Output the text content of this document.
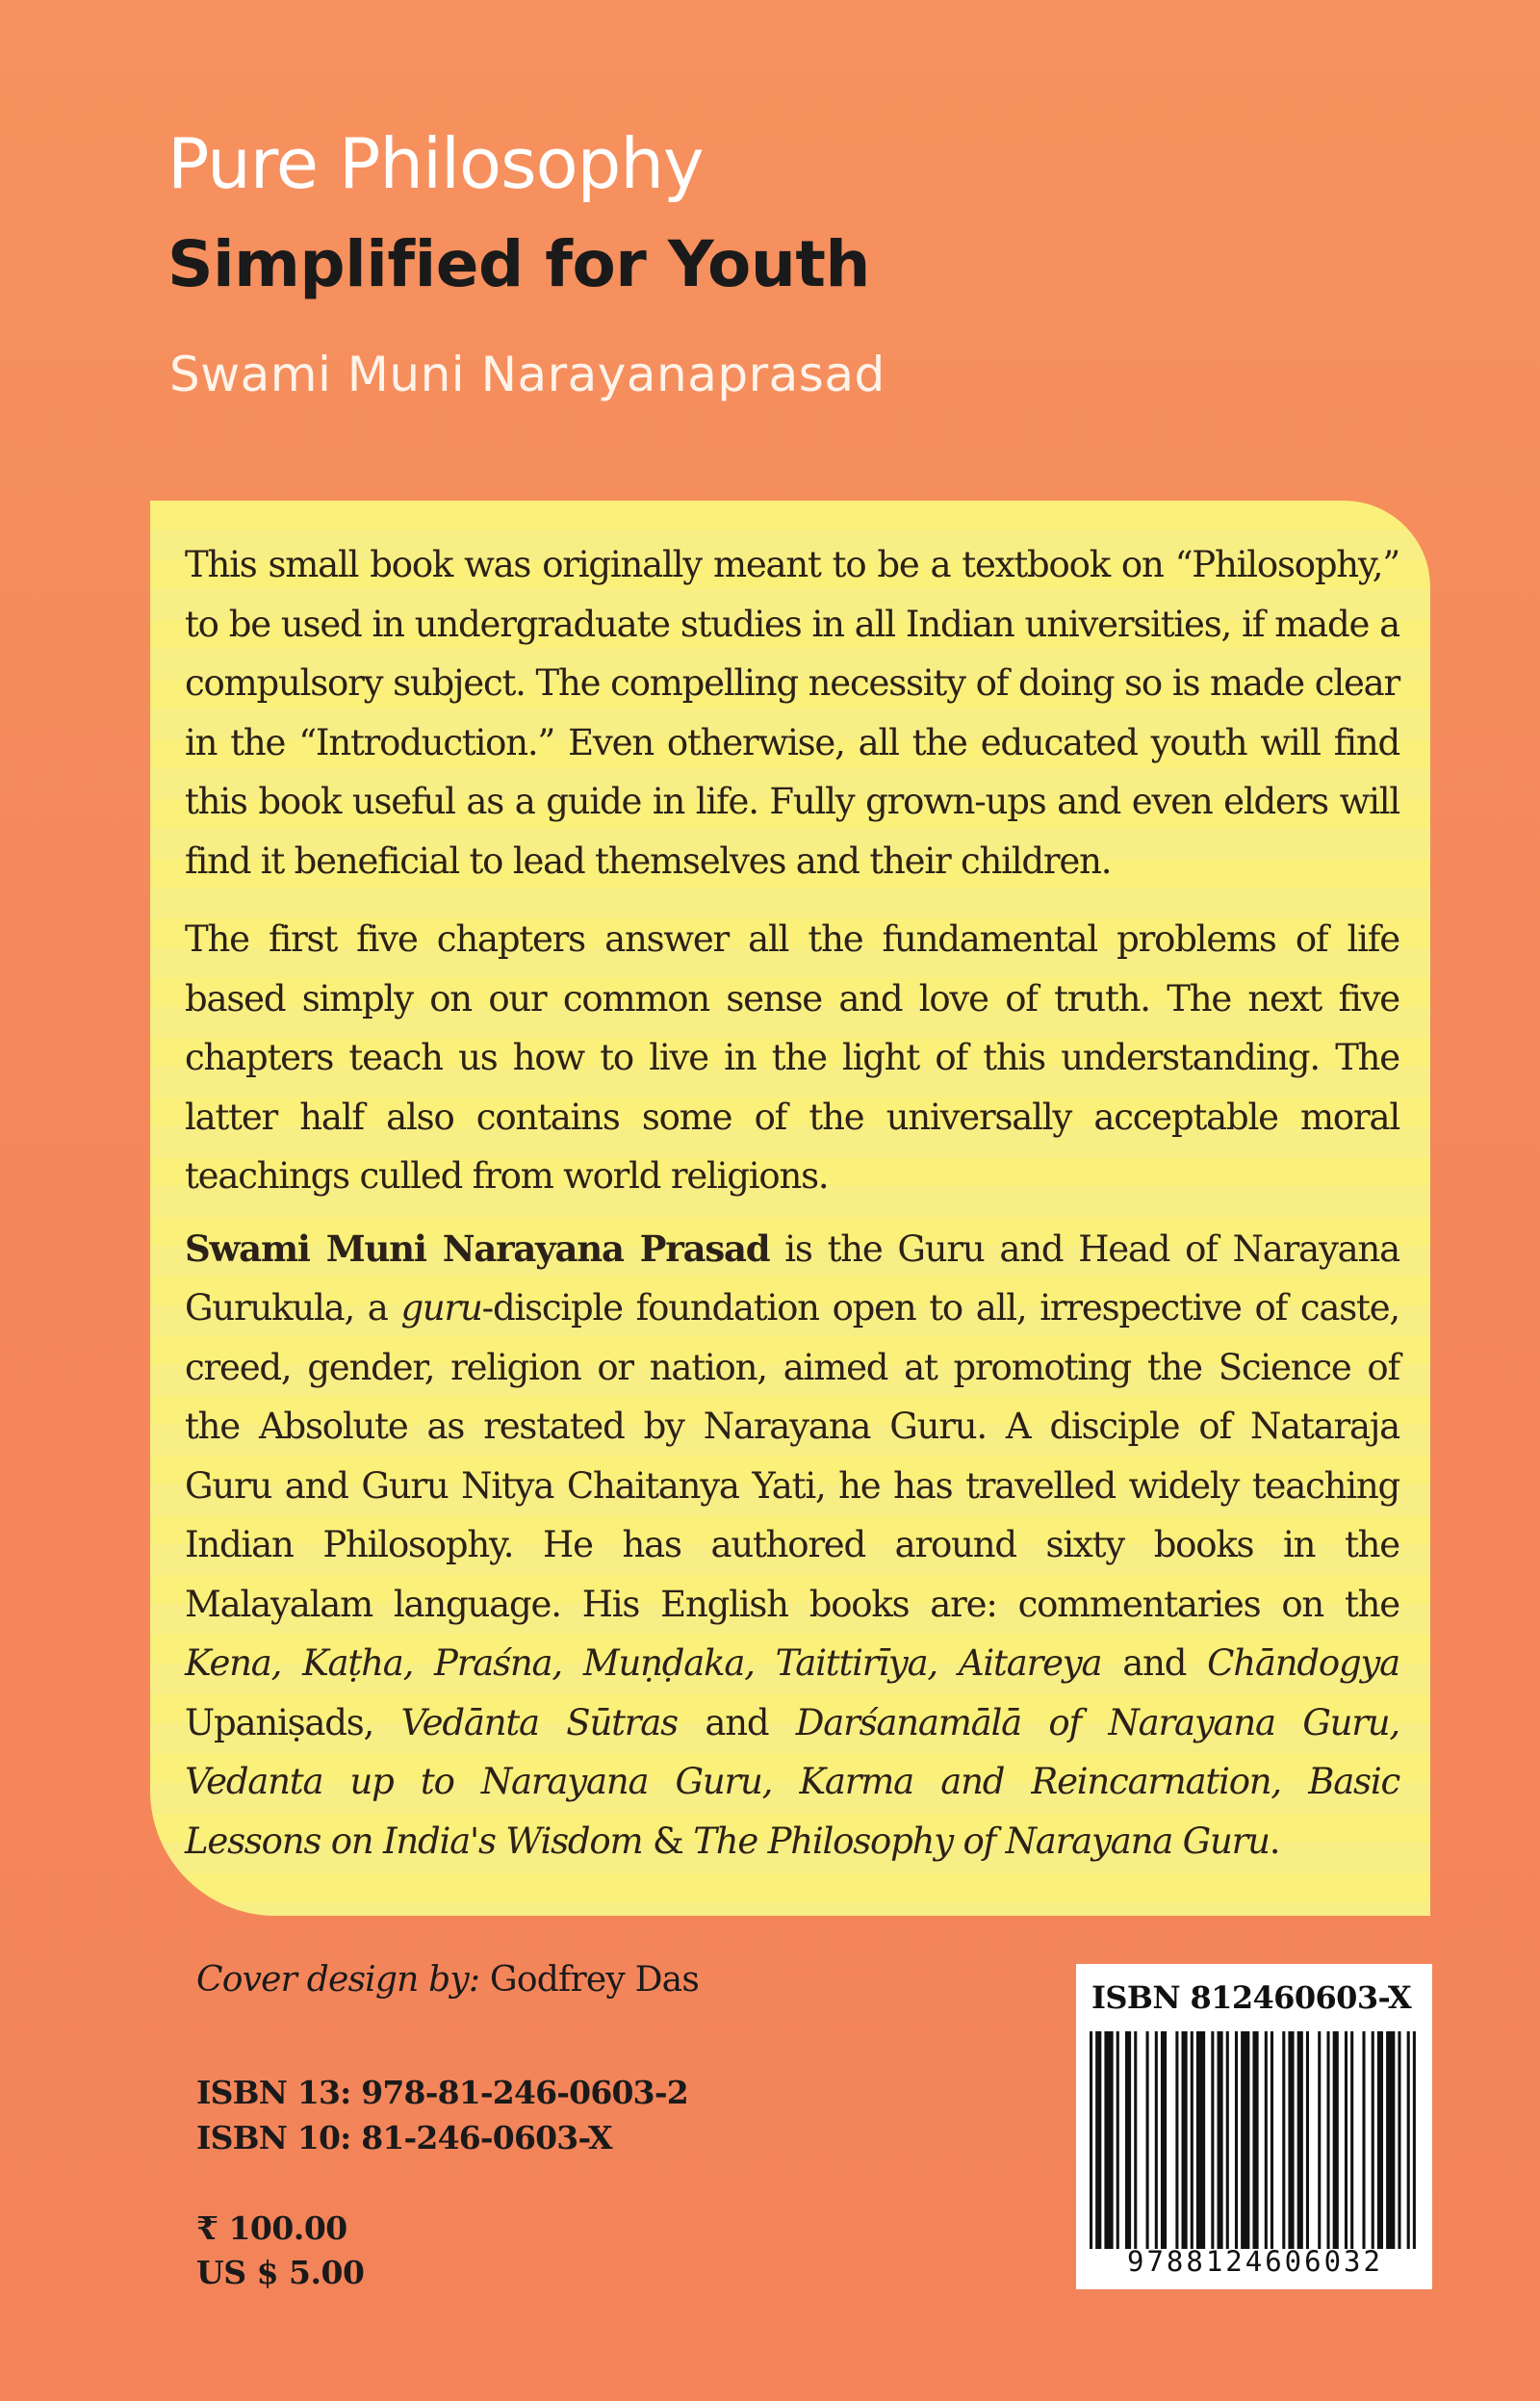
Pure Philosophy
Simplified for Youth
Swami Muni Narayanaprasad

This small book was originally meant to be a textbook on “Philosophy,” to be used in undergraduate studies in all Indian universities, if made a compulsory subject. The compelling necessity of doing so is made clear in the “Introduction.” Even otherwise, all the educated youth will find this book useful as a guide in life. Fully grown-ups and even elders will find it beneficial to lead themselves and their children.

The first five chapters answer all the fundamental problems of life based simply on our common sense and love of truth. The next five chapters teach us how to live in the light of this understanding. The latter half also contains some of the universally acceptable moral teachings culled from world religions.

Swami Muni Narayana Prasad is the Guru and Head of Narayana Gurukula, a guru-disciple foundation open to all, irrespective of caste, creed, gender, religion or nation, aimed at promoting the Science of the Absolute as restated by Narayana Guru. A disciple of Nataraja Guru and Guru Nitya Chaitanya Yati, he has travelled widely teaching Indian Philosophy. He has authored around sixty books in the Malayalam language. His English books are: commentaries on the Kena, Kaṭha, Praśna, Muṇḍaka, Taittirīya, Aitareya and Chāndogya Upaniṣads, Vedānta Sūtras and Darśanamālā of Narayana Guru, Vedanta up to Narayana Guru, Karma and Reincarnation, Basic Lessons on India's Wisdom & The Philosophy of Narayana Guru.

Cover design by: Godfrey Das
ISBN 13: 978-81-246-0603-2
ISBN 10: 81-246-0603-X
₹ 100.00
US $ 5.00
ISBN 812460603-X
9788124606032
